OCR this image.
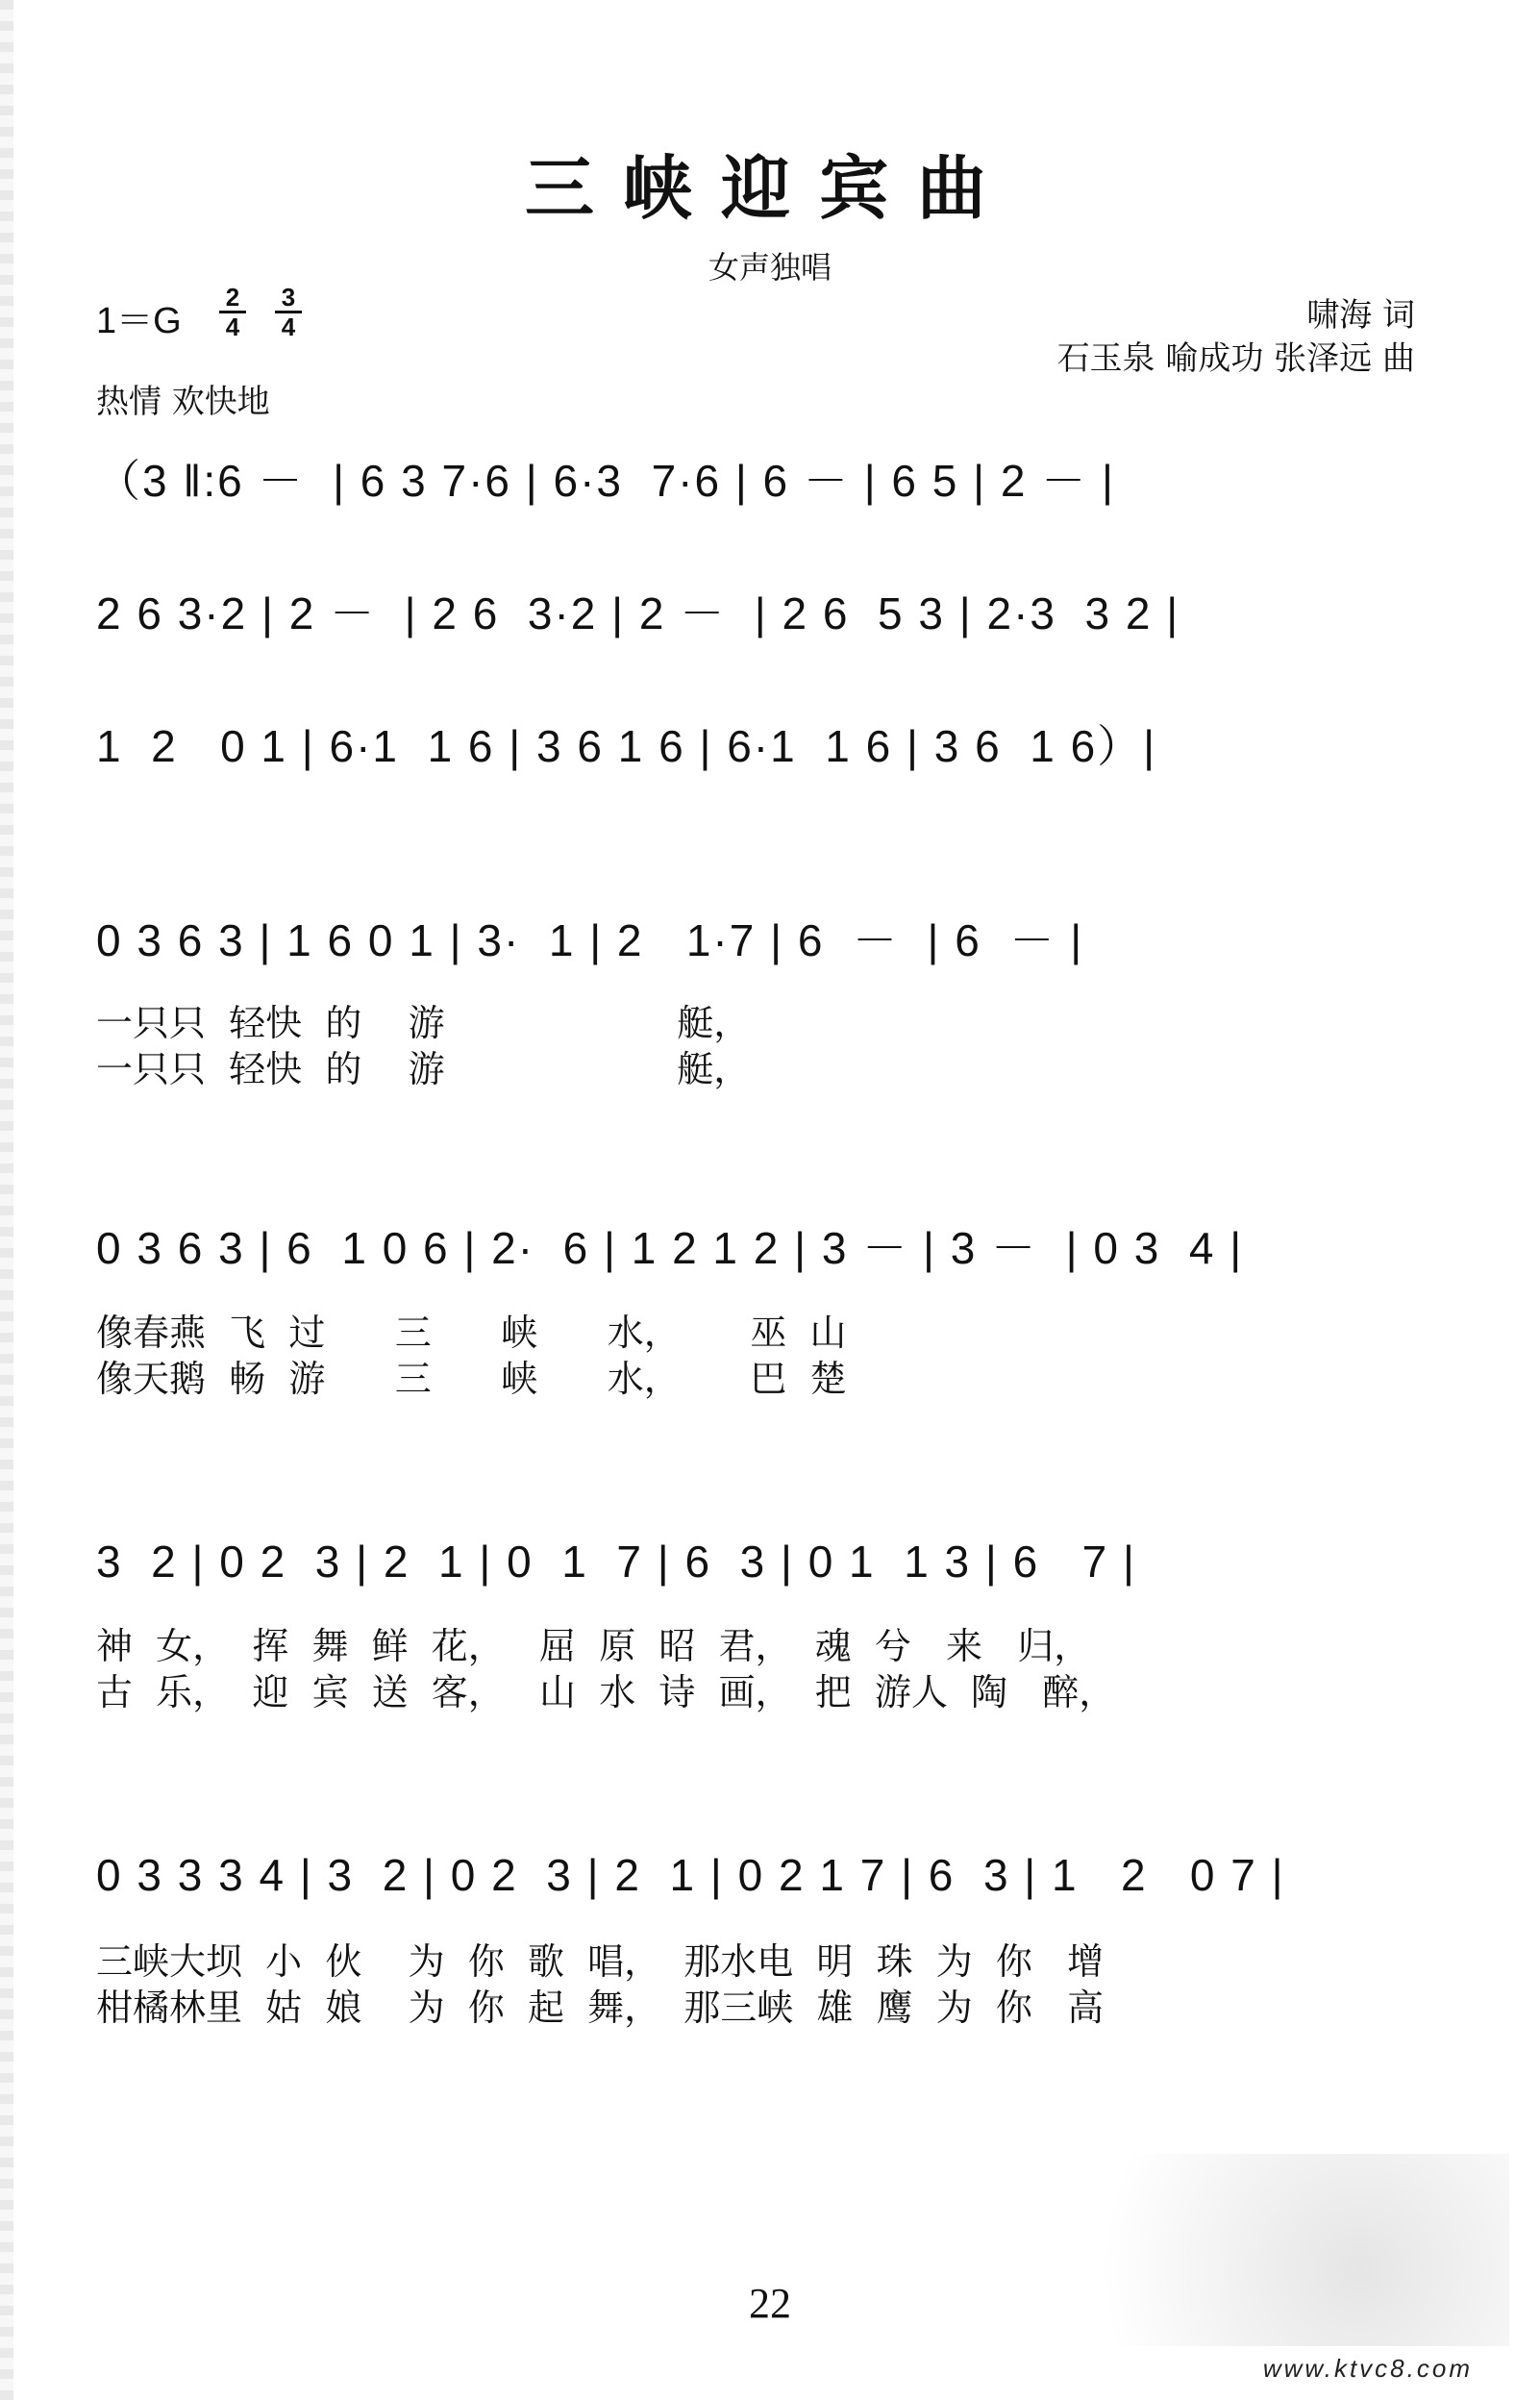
三峡迎宾曲
女声独唱
1＝G
2
4
3
4	啸海 词
石玉泉 喻成功 张泽远 曲
热情 欢快地
（3 ‖:6 －  | 6 3 7·6 | 6·3  7·6 | 6 － | 6 5 | 2 － |
2 6 3·2 | 2 －  | 2 6  3·2 | 2 －  | 2 6  5 3 | 2·3  3 2 |
1  2   0 1 | 6·1  1 6 | 3 6 1 6 | 6·1  1 6 | 3 6  1 6）|
0 3 6 3 | 1 6 0 1 | 3·  1 | 2   1·7 | 6  －  | 6  － |
一只只  轻快  的    游                    艇，
一只只  轻快  的    游                    艇，
0 3 6 3 | 6  1 0 6 | 2·  6 | 1 2 1 2 | 3 － | 3 －  | 0 3  4 |
像春燕  飞  过      三      峡      水，      巫  山
像天鹅  畅  游      三      峡      水，      巴  楚
3  2 | 0 2  3 | 2  1 | 0  1  7 | 6  3 | 0 1  1 3 | 6   7 |
神  女，  挥  舞  鲜  花，   屈  原  昭  君，  魂  兮   来   归，
古  乐，  迎  宾  送  客，   山  水  诗  画，  把  游人  陶   醉，
0 3 3 3 4 | 3  2 | 0 2  3 | 2  1 | 0 2 1 7 | 6  3 | 1   2   0 7 |
三峡大坝  小  伙    为  你  歌  唱，  那水电  明  珠  为  你   增
柑橘林里  姑  娘    为  你  起  舞，  那三峡  雄  鹰  为  你   高
22
www.ktvc8.com
